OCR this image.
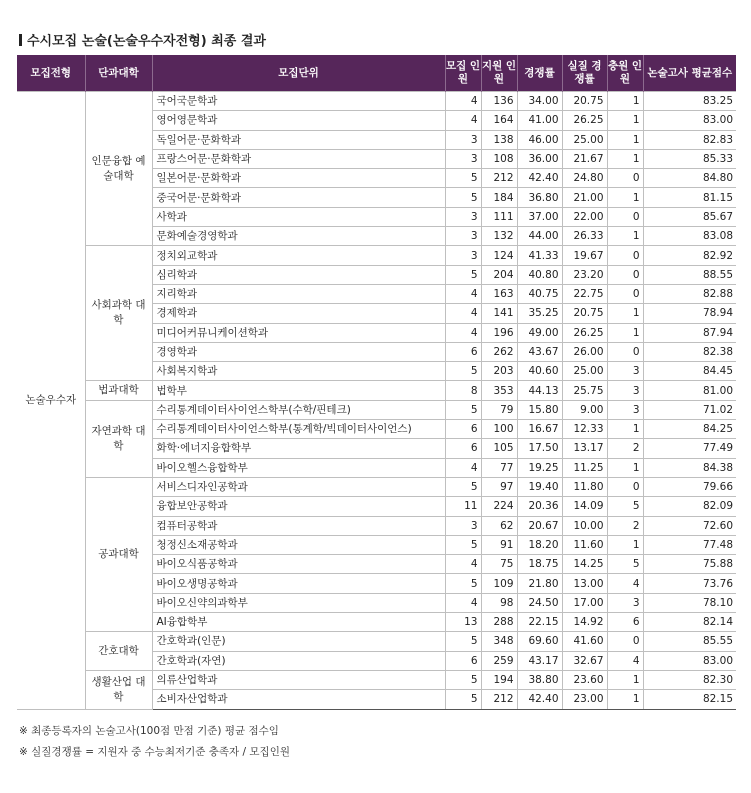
수시모집 논술(논술우수자전형) 최종 결과
모집전형	단과대학	모집단위	모집 인원	지원 인원	경쟁률	실질 경쟁률	충원 인원	논술고사 평균점수
논술우수자	인문융합 예술대학	국어국문학과	4	136	34.00	20.75	1	83.25
		영어영문학과	4	164	41.00	26.25	1	83.00
		독일어문·문화학과	3	138	46.00	25.00	1	82.83
		프랑스어문·문화학과	3	108	36.00	21.67	1	85.33
		일본어문·문화학과	5	212	42.40	24.80	0	84.80
		중국어문·문화학과	5	184	36.80	21.00	1	81.15
		사학과	3	111	37.00	22.00	0	85.67
		문화예술경영학과	3	132	44.00	26.33	1	83.08
	사회과학 대학	정치외교학과	3	124	41.33	19.67	0	82.92
		심리학과	5	204	40.80	23.20	0	88.55
		지리학과	4	163	40.75	22.75	0	82.88
		경제학과	4	141	35.25	20.75	1	78.94
		미디어커뮤니케이션학과	4	196	49.00	26.25	1	87.94
		경영학과	6	262	43.67	26.00	0	82.38
		사회복지학과	5	203	40.60	25.00	3	84.45
	법과대학	법학부	8	353	44.13	25.75	3	81.00
	자연과학 대학	수리통계데이터사이언스학부(수학/핀테크)	5	79	15.80	9.00	3	71.02
		수리통계데이터사이언스학부(통계학/빅데이터사이언스)	6	100	16.67	12.33	1	84.25
		화학·에너지융합학부	6	105	17.50	13.17	2	77.49
		바이오헬스융합학부	4	77	19.25	11.25	1	84.38
	공과대학	서비스디자인공학과	5	97	19.40	11.80	0	79.66
		융합보안공학과	11	224	20.36	14.09	5	82.09
		컴퓨터공학과	3	62	20.67	10.00	2	72.60
		청정신소재공학과	5	91	18.20	11.60	1	77.48
		바이오식품공학과	4	75	18.75	14.25	5	75.88
		바이오생명공학과	5	109	21.80	13.00	4	73.76
		바이오신약의과학부	4	98	24.50	17.00	3	78.10
		AI융합학부	13	288	22.15	14.92	6	82.14
	간호대학	간호학과(인문)	5	348	69.60	41.60	0	85.55
		간호학과(자연)	6	259	43.17	32.67	4	83.00
	생활산업 대학	의류산업학과	5	194	38.80	23.60	1	82.30
		소비자산업학과	5	212	42.40	23.00	1	82.15
※ 최종등록자의 논술고사(100점 만점 기준) 평균 점수임
※ 실질경쟁률 = 지원자 중 수능최저기준 충족자 / 모집인원
